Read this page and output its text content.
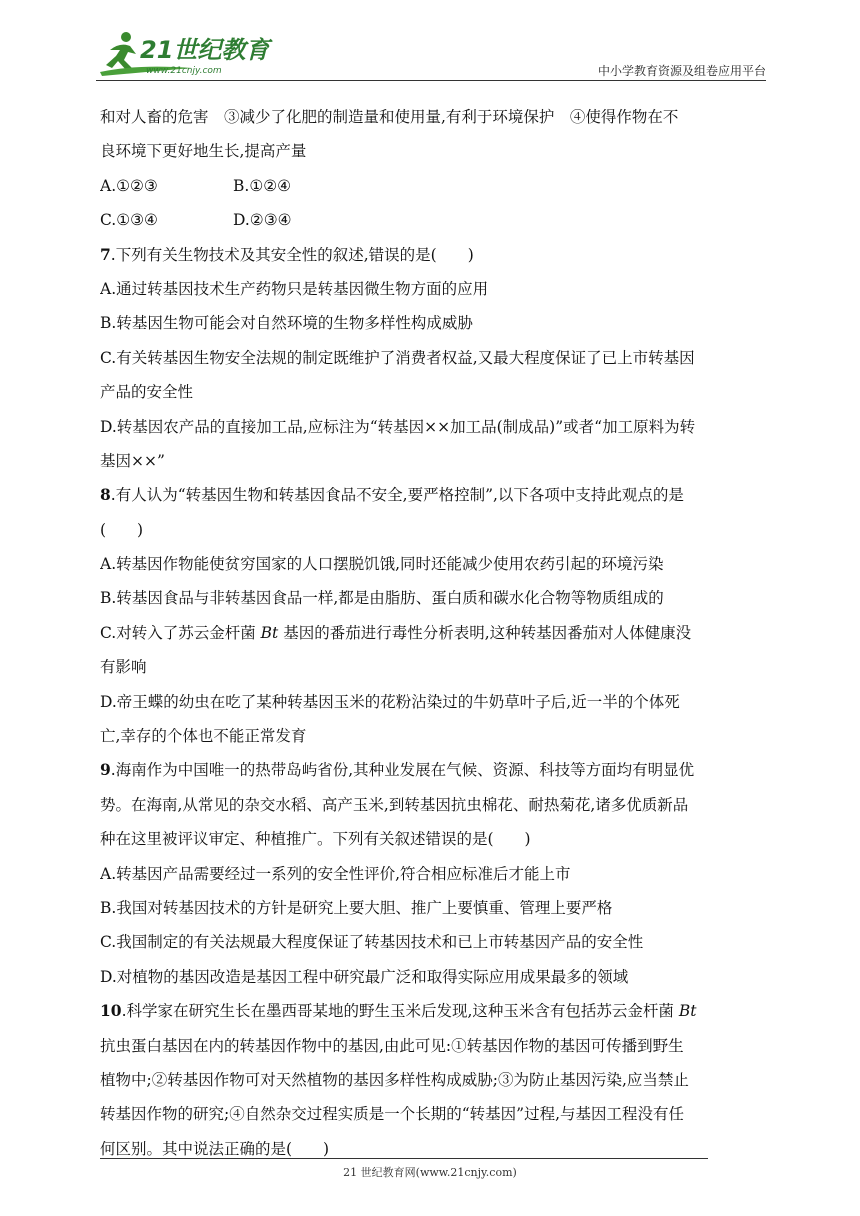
21世纪教育
www.21cnjy.com	中小学教育资源及组卷应用平台
和对人畜的危害　③减少了化肥的制造量和使用量,有利于环境保护　④使得作物在不
良环境下更好地生长,提高产量
A.①②③	B.①②④
C.①③④	D.②③④
7.下列有关生物技术及其安全性的叙述,错误的是(　　)
A.通过转基因技术生产药物只是转基因微生物方面的应用
B.转基因生物可能会对自然环境的生物多样性构成威胁
C.有关转基因生物安全法规的制定既维护了消费者权益,又最大程度保证了已上市转基因
产品的安全性
D.转基因农产品的直接加工品,应标注为“转基因××加工品(制成品)”或者“加工原料为转
基因××”
8.有人认为“转基因生物和转基因食品不安全,要严格控制”,以下各项中支持此观点的是
(　　)
A.转基因作物能使贫穷国家的人口摆脱饥饿,同时还能减少使用农药引起的环境污染
B.转基因食品与非转基因食品一样,都是由脂肪、蛋白质和碳水化合物等物质组成的
C.对转入了苏云金杆菌 Bt 基因的番茄进行毒性分析表明,这种转基因番茄对人体健康没
有影响
D.帝王蝶的幼虫在吃了某种转基因玉米的花粉沾染过的牛奶草叶子后,近一半的个体死
亡,幸存的个体也不能正常发育
9.海南作为中国唯一的热带岛屿省份,其种业发展在气候、资源、科技等方面均有明显优
势。在海南,从常见的杂交水稻、高产玉米,到转基因抗虫棉花、耐热菊花,诸多优质新品
种在这里被评议审定、种植推广。下列有关叙述错误的是(　　)
A.转基因产品需要经过一系列的安全性评价,符合相应标准后才能上市
B.我国对转基因技术的方针是研究上要大胆、推广上要慎重、管理上要严格
C.我国制定的有关法规最大程度保证了转基因技术和已上市转基因产品的安全性
D.对植物的基因改造是基因工程中研究最广泛和取得实际应用成果最多的领域
10.科学家在研究生长在墨西哥某地的野生玉米后发现,这种玉米含有包括苏云金杆菌 Bt
抗虫蛋白基因在内的转基因作物中的基因,由此可见:①转基因作物的基因可传播到野生
植物中;②转基因作物可对天然植物的基因多样性构成威胁;③为防止基因污染,应当禁止
转基因作物的研究;④自然杂交过程实质是一个长期的“转基因”过程,与基因工程没有任
何区别。其中说法正确的是(　　)
21 世纪教育网(www.21cnjy.com)
